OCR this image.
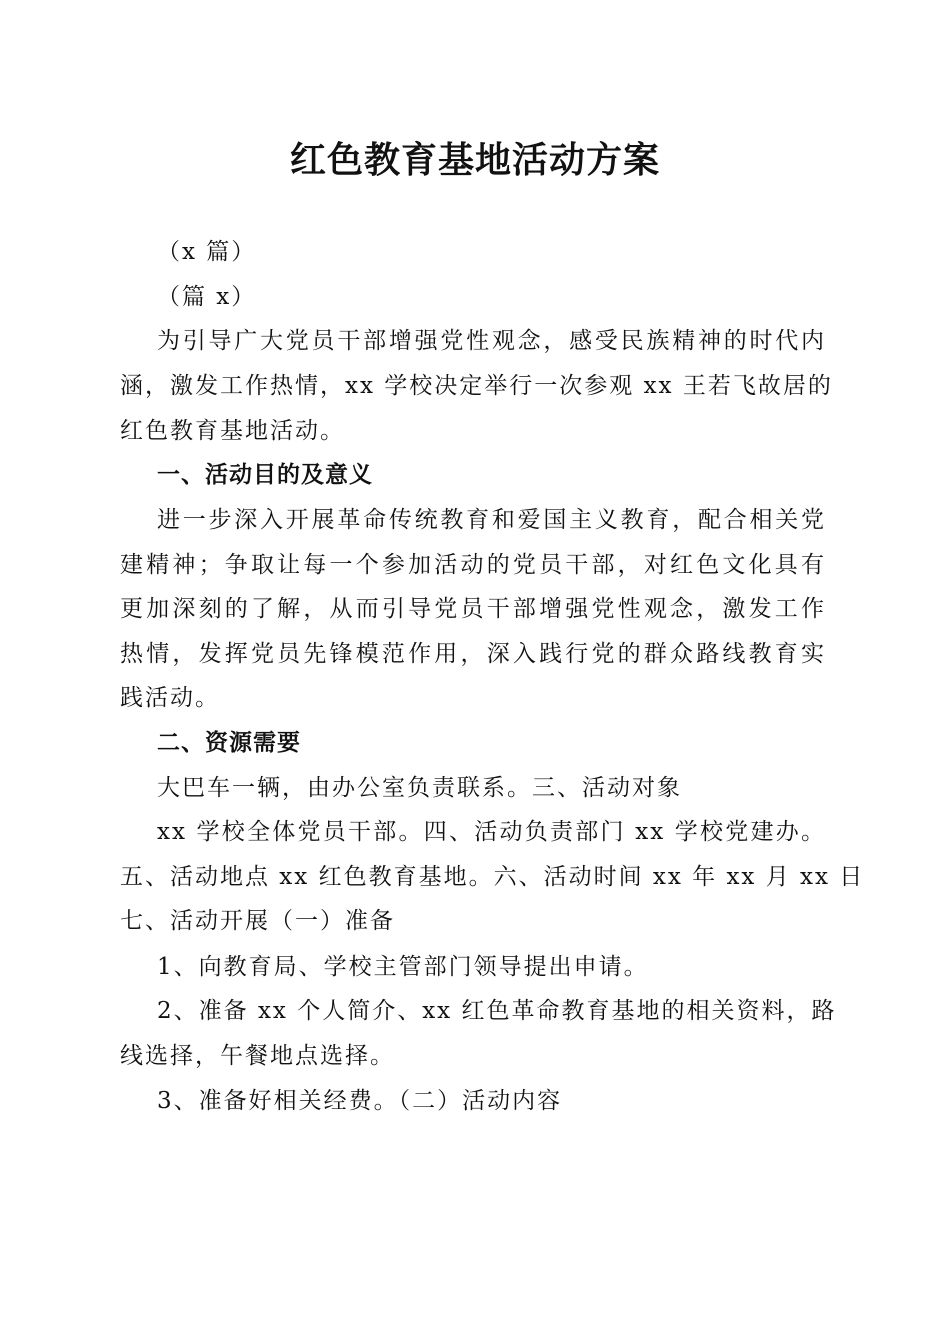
红色教育基地活动方案
（x 篇）
（篇 x）
为引导广大党员干部增强党性观念，感受民族精神的时代内
涵，激发工作热情，xx 学校决定举行一次参观 xx 王若飞故居的
红色教育基地活动。
一、活动目的及意义
进一步深入开展革命传统教育和爱国主义教育，配合相关党
建精神；争取让每一个参加活动的党员干部，对红色文化具有
更加深刻的了解，从而引导党员干部增强党性观念，激发工作
热情，发挥党员先锋模范作用，深入践行党的群众路线教育实
践活动。
二、资源需要
大巴车一辆，由办公室负责联系。三、活动对象
xx 学校全体党员干部。四、活动负责部门 xx 学校党建办。
五、活动地点 xx 红色教育基地。六、活动时间 xx 年 xx 月 xx 日
七、活动开展（一）准备
1、向教育局、学校主管部门领导提出申请。
2、准备 xx 个人简介、xx 红色革命教育基地的相关资料，路
线选择，午餐地点选择。
3、准备好相关经费。（二）活动内容
